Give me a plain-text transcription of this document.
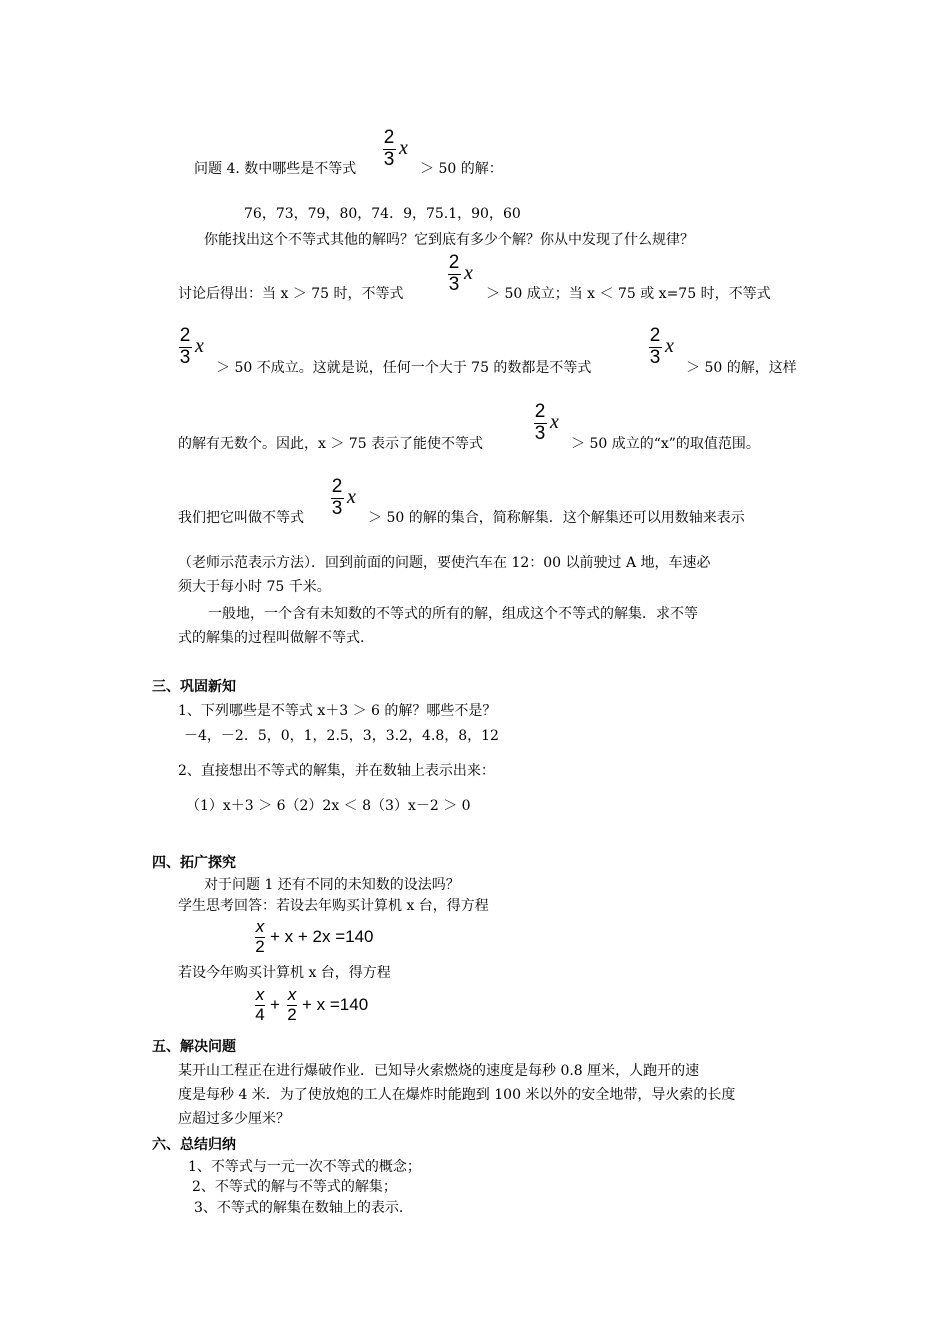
问题 4. 数中哪些是不等式
2
3
x
＞ 50 的解：
76，73，79，80，74．9，75.1，90，60
你能找出这个不等式其他的解吗？它到底有多少个解？你从中发现了什么规律？
讨论后得出：当 x ＞ 75 时，不等式
2
3
x
＞ 50 成立；当 x ＜ 75 或 x=75 时，不等式
2
3
x
＞ 50 不成立。这就是说，任何一个大于 75 的数都是不等式
2
3
x
＞ 50 的解，这样
的解有无数个。因此，x ＞ 75 表示了能使不等式
2
3
x
＞ 50 成立的“x”的取值范围。
我们把它叫做不等式
2
3
x
＞ 50 的解的集合，简称解集．这个解集还可以用数轴来表示
（老师示范表示方法）．回到前面的问题，要使汽车在 12：00 以前驶过 A 地，车速必
须大于每小时 75 千米。
一般地，一个含有未知数的不等式的所有的解，组成这个不等式的解集．求不等
式的解集的过程叫做解不等式.
三、巩固新知
1、下列哪些是不等式 x＋3 ＞ 6 的解？哪些不是？
－4，－2．5，0，1，2.5，3，3.2，4.8，8，12
2、直接想出不等式的解集，并在数轴上表示出来：
（1）x＋3 ＞ 6（2）2x ＜ 8（3）x－2 ＞ 0
四、拓广探究
对于问题 1 还有不同的未知数的设法吗？
学生思考回答：若设去年购买计算机 x 台，得方程
x
2
+ x + 2x =140
若设今年购买计算机 x 台，得方程
x
4
+
x
2
+ x =140
五、解决问题
某开山工程正在进行爆破作业．已知导火索燃烧的速度是每秒 0.8 厘米，人跑开的速
度是每秒 4 米．为了使放炮的工人在爆炸时能跑到 100 米以外的安全地带，导火索的长度
应超过多少厘米？
六、总结归纳
1、不等式与一元一次不等式的概念；
2、不等式的解与不等式的解集；
3、不等式的解集在数轴上的表示.
